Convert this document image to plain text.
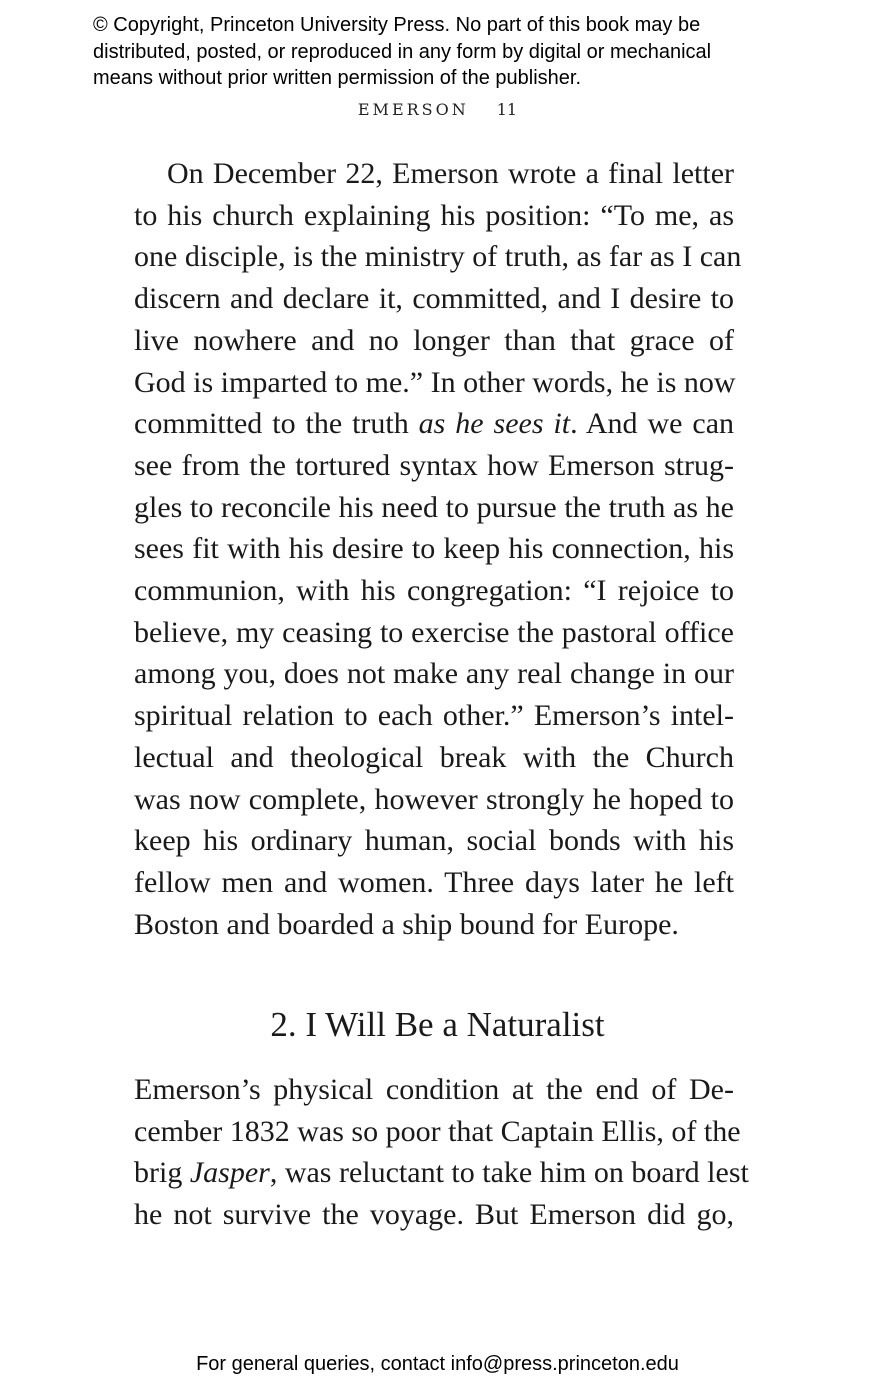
© Copyright, Princeton University Press. No part of this book may be
distributed, posted, or reproduced in any form by digital or mechanical
means without prior written permission of the publisher.
EMERSON 11
On December 22, Emerson wrote a final letter
to his church explaining his position: “To me, as
one disciple, is the ministry of truth, as far as I can
discern and declare it, committed, and I desire to
live nowhere and no longer than that grace of
God is imparted to me.” In other words, he is now
committed to the truth as he sees it. And we can
see from the tortured syntax how Emerson strug-
gles to reconcile his need to pursue the truth as he
sees fit with his desire to keep his connection, his
communion, with his congregation: “I rejoice to
believe, my ceasing to exercise the pastoral office
among you, does not make any real change in our
spiritual relation to each other.” Emerson’s intel-
lectual and theological break with the Church
was now complete, however strongly he hoped to
keep his ordinary human, social bonds with his
fellow men and women. Three days later he left
Boston and boarded a ship bound for Europe.
2. I Will Be a Naturalist
Emerson’s physical condition at the end of De-
cember 1832 was so poor that Captain Ellis, of the
brig Jasper, was reluctant to take him on board lest
he not survive the voyage. But Emerson did go,
For general queries, contact info@press.princeton.edu
